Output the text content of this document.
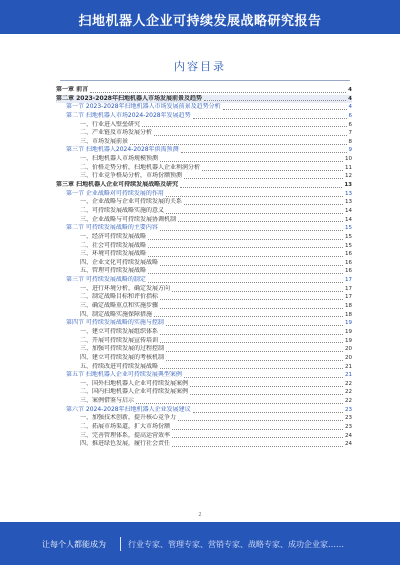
扫地机器人企业可持续发展战略研究报告
内容目录
第一章 前言	4
第二章 2023-2028年扫地机器人市场发展前景及趋势	4
第一节 2023-2028年扫地机器人市场发展前景及趋势分析	4
第二节 扫地机器人市场2024-2028年发展趋势	6
一、行业进入壁垒研究	6
二、产业链及市场发展分析	7
三、市场发展前景	8
第三节 扫地机器人2024-2028年供需预测	9
一、扫地机器人市场规模预测	10
二、价格走势分析，扫地机器人企业利润分析	11
三、行业竞争格局分析，市场份额预测	12
第三章 扫地机器人企业可持续发展战略及研究	13
第一节 企业战略对可持续发展的作用	13
一、企业战略与企业可持续发展的关系	13
二、可持续发展战略实施的意义	14
三、企业战略与可持续发展协调机制	14
第二节 可持续发展战略的主要内容	15
一、经济可持续发展战略	15
二、社会可持续发展战略	15
三、环境可持续发展战略	16
四、企业文化可持续发展战略	16
五、管理可持续发展战略	16
第三节 可持续发展战略的制定	17
一、进行环境分析，确定发展方向	17
二、制定战略目标和评价指标	17
三、确定战略重点和实施步骤	18
四、制定战略实施保障措施	18
第四节 可持续发展战略的实施与控制	19
一、建立可持续发展组织体系	19
二、开展可持续发展宣传培训	19
三、加强可持续发展的过程控制	20
四、建立可持续发展的考核机制	20
五、持续改进可持续发展战略	21
第五节 扫地机器人企业可持续发展典型案例	21
一、国外扫地机器人企业可持续发展案例	22
二、国内扫地机器人企业可持续发展案例	22
三、案例借鉴与启示	22
第六节 2024-2028年扫地机器人企业发展建议	23
一、加强技术创新，提升核心竞争力	23
二、拓展市场渠道，扩大市场份额	23
三、完善管理体系，提高运营效率	24
四、推进绿色发展，履行社会责任	24
2
让每个人都能成为	行业专家、管理专家、营销专家、战略专家、成功企业家……
